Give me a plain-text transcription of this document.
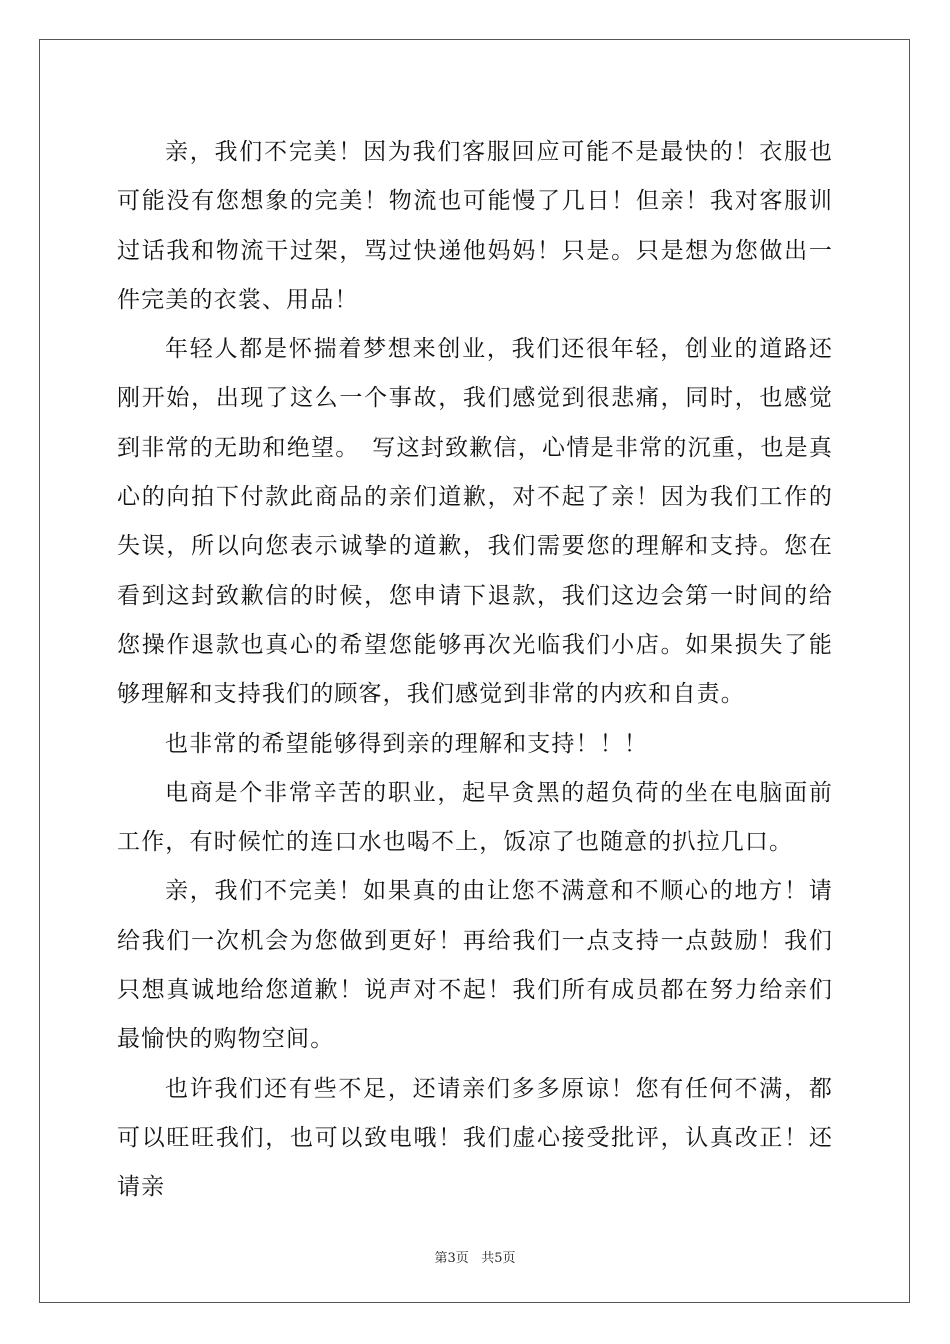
亲，我们不完美！因为我们客服回应可能不是最快的！衣服也可能没有您想象的完美！物流也可能慢了几日！但亲！我对客服训过话我和物流干过架，骂过快递他妈妈！只是。只是想为您做出一件完美的衣裳、用品！

年轻人都是怀揣着梦想来创业，我们还很年轻，创业的道路还刚开始，出现了这么一个事故，我们感觉到很悲痛，同时，也感觉到非常的无助和绝望。　写这封致歉信，心情是非常的沉重，也是真心的向拍下付款此商品的亲们道歉，对不起了亲！因为我们工作的失误，所以向您表示诚挚的道歉，我们需要您的理解和支持。您在看到这封致歉信的时候，您申请下退款，我们这边会第一时间的给您操作退款也真心的希望您能够再次光临我们小店。如果损失了能够理解和支持我们的顾客，我们感觉到非常的内疚和自责。

也非常的希望能够得到亲的理解和支持！！！

电商是个非常辛苦的职业，起早贪黑的超负荷的坐在电脑面前工作，有时候忙的连口水也喝不上，饭凉了也随意的扒拉几口。

亲，我们不完美！如果真的由让您不满意和不顺心的地方！请给我们一次机会为您做到更好！再给我们一点支持一点鼓励！我们只想真诚地给您道歉！说声对不起！我们所有成员都在努力给亲们最愉快的购物空间。

也许我们还有些不足，还请亲们多多原谅！您有任何不满，都可以旺旺我们，也可以致电哦！我们虚心接受批评，认真改正！还请亲

第3页 共5页
